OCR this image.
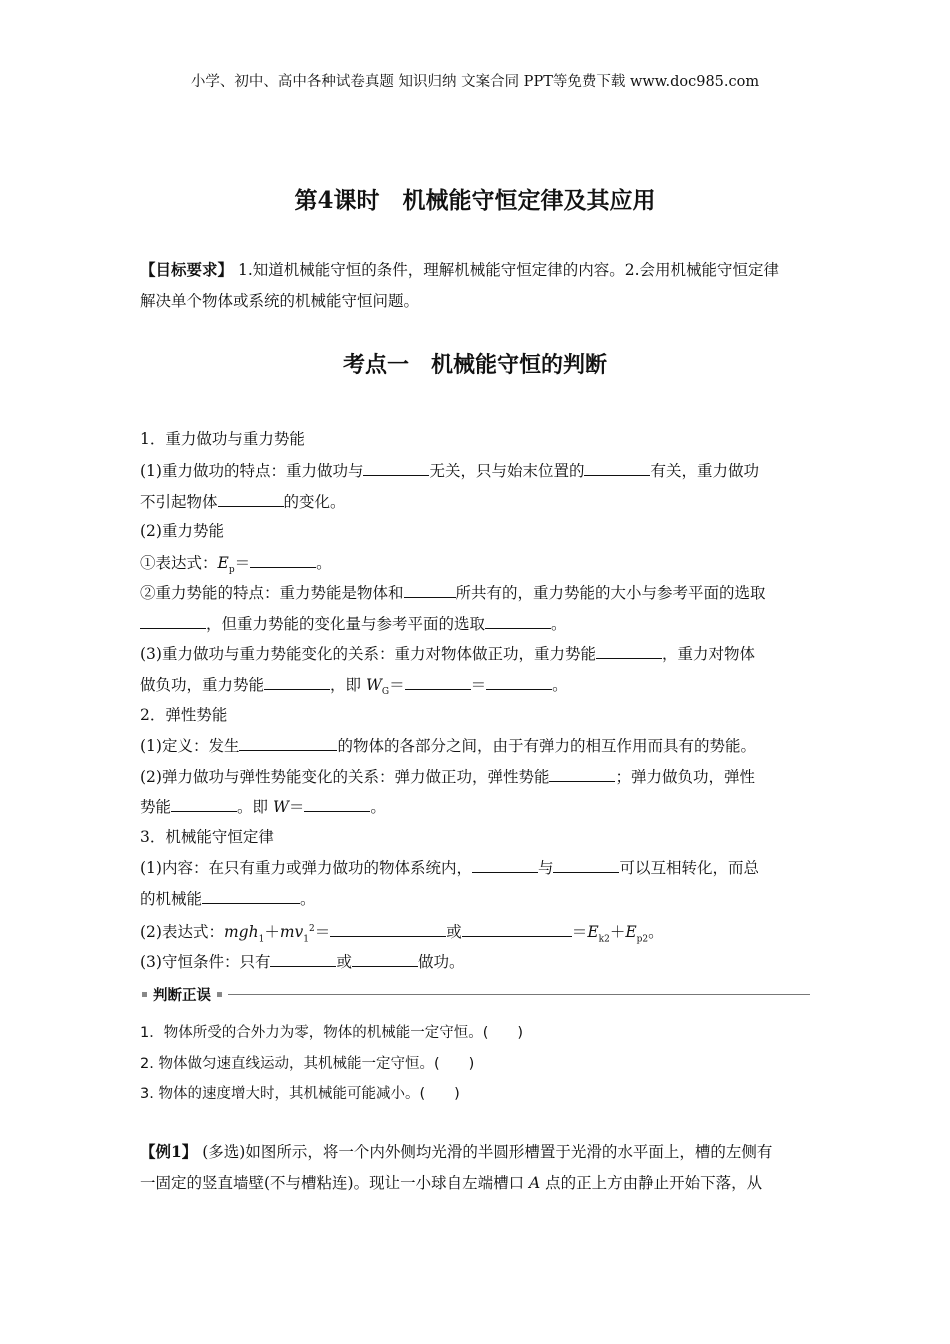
小学、初中、高中各种试卷真题 知识归纳 文案合同 PPT等免费下载 www.doc985.com
第4课时　机械能守恒定律及其应用
【目标要求】 1.知道机械能守恒的条件，理解机械能守恒定律的内容。2.会用机械能守恒定律
解决单个物体或系统的机械能守恒问题。
考点一　机械能守恒的判断
1．重力做功与重力势能
(1)重力做功的特点：重力做功与	无关，只与始末位置的	有关，重力做功
不引起物体	的变化。
(2)重力势能
①表达式：$E_p=$	。
②重力势能的特点：重力势能是物体和	所共有的，重力势能的大小与参考平面的选取
，但重力势能的变化量与参考平面的选取	。
(3)重力做功与重力势能变化的关系：重力对物体做正功，重力势能	，重力对物体
做负功，重力势能	，即 $W_G=$	＝	。
2．弹性势能
(1)定义：发生	的物体的各部分之间，由于有弹力的相互作用而具有的势能。
(2)弹力做功与弹性势能变化的关系：弹力做正功，弹性势能	；弹力做负功，弹性
势能	。即 W＝	。
3．机械能守恒定律
(1)内容：在只有重力或弹力做功的物体系统内，	与	可以互相转化，而总
的机械能	。
(2)表达式：$mgh_1+mv_1^2=$	或	$=E_{k2}+E_{p2}$。
(3)守恒条件：只有	或	做功。
判断正误
1．物体所受的合外力为零，物体的机械能一定守恒。(　　)
2. 物体做匀速直线运动，其机械能一定守恒。(　　)
3. 物体的速度增大时，其机械能可能减小。(　　)
【例1】 (多选)如图所示，将一个内外侧均光滑的半圆形槽置于光滑的水平面上，槽的左侧有
一固定的竖直墙壁(不与槽粘连)。现让一小球自左端槽口 A 点的正上方由静止开始下落，从
